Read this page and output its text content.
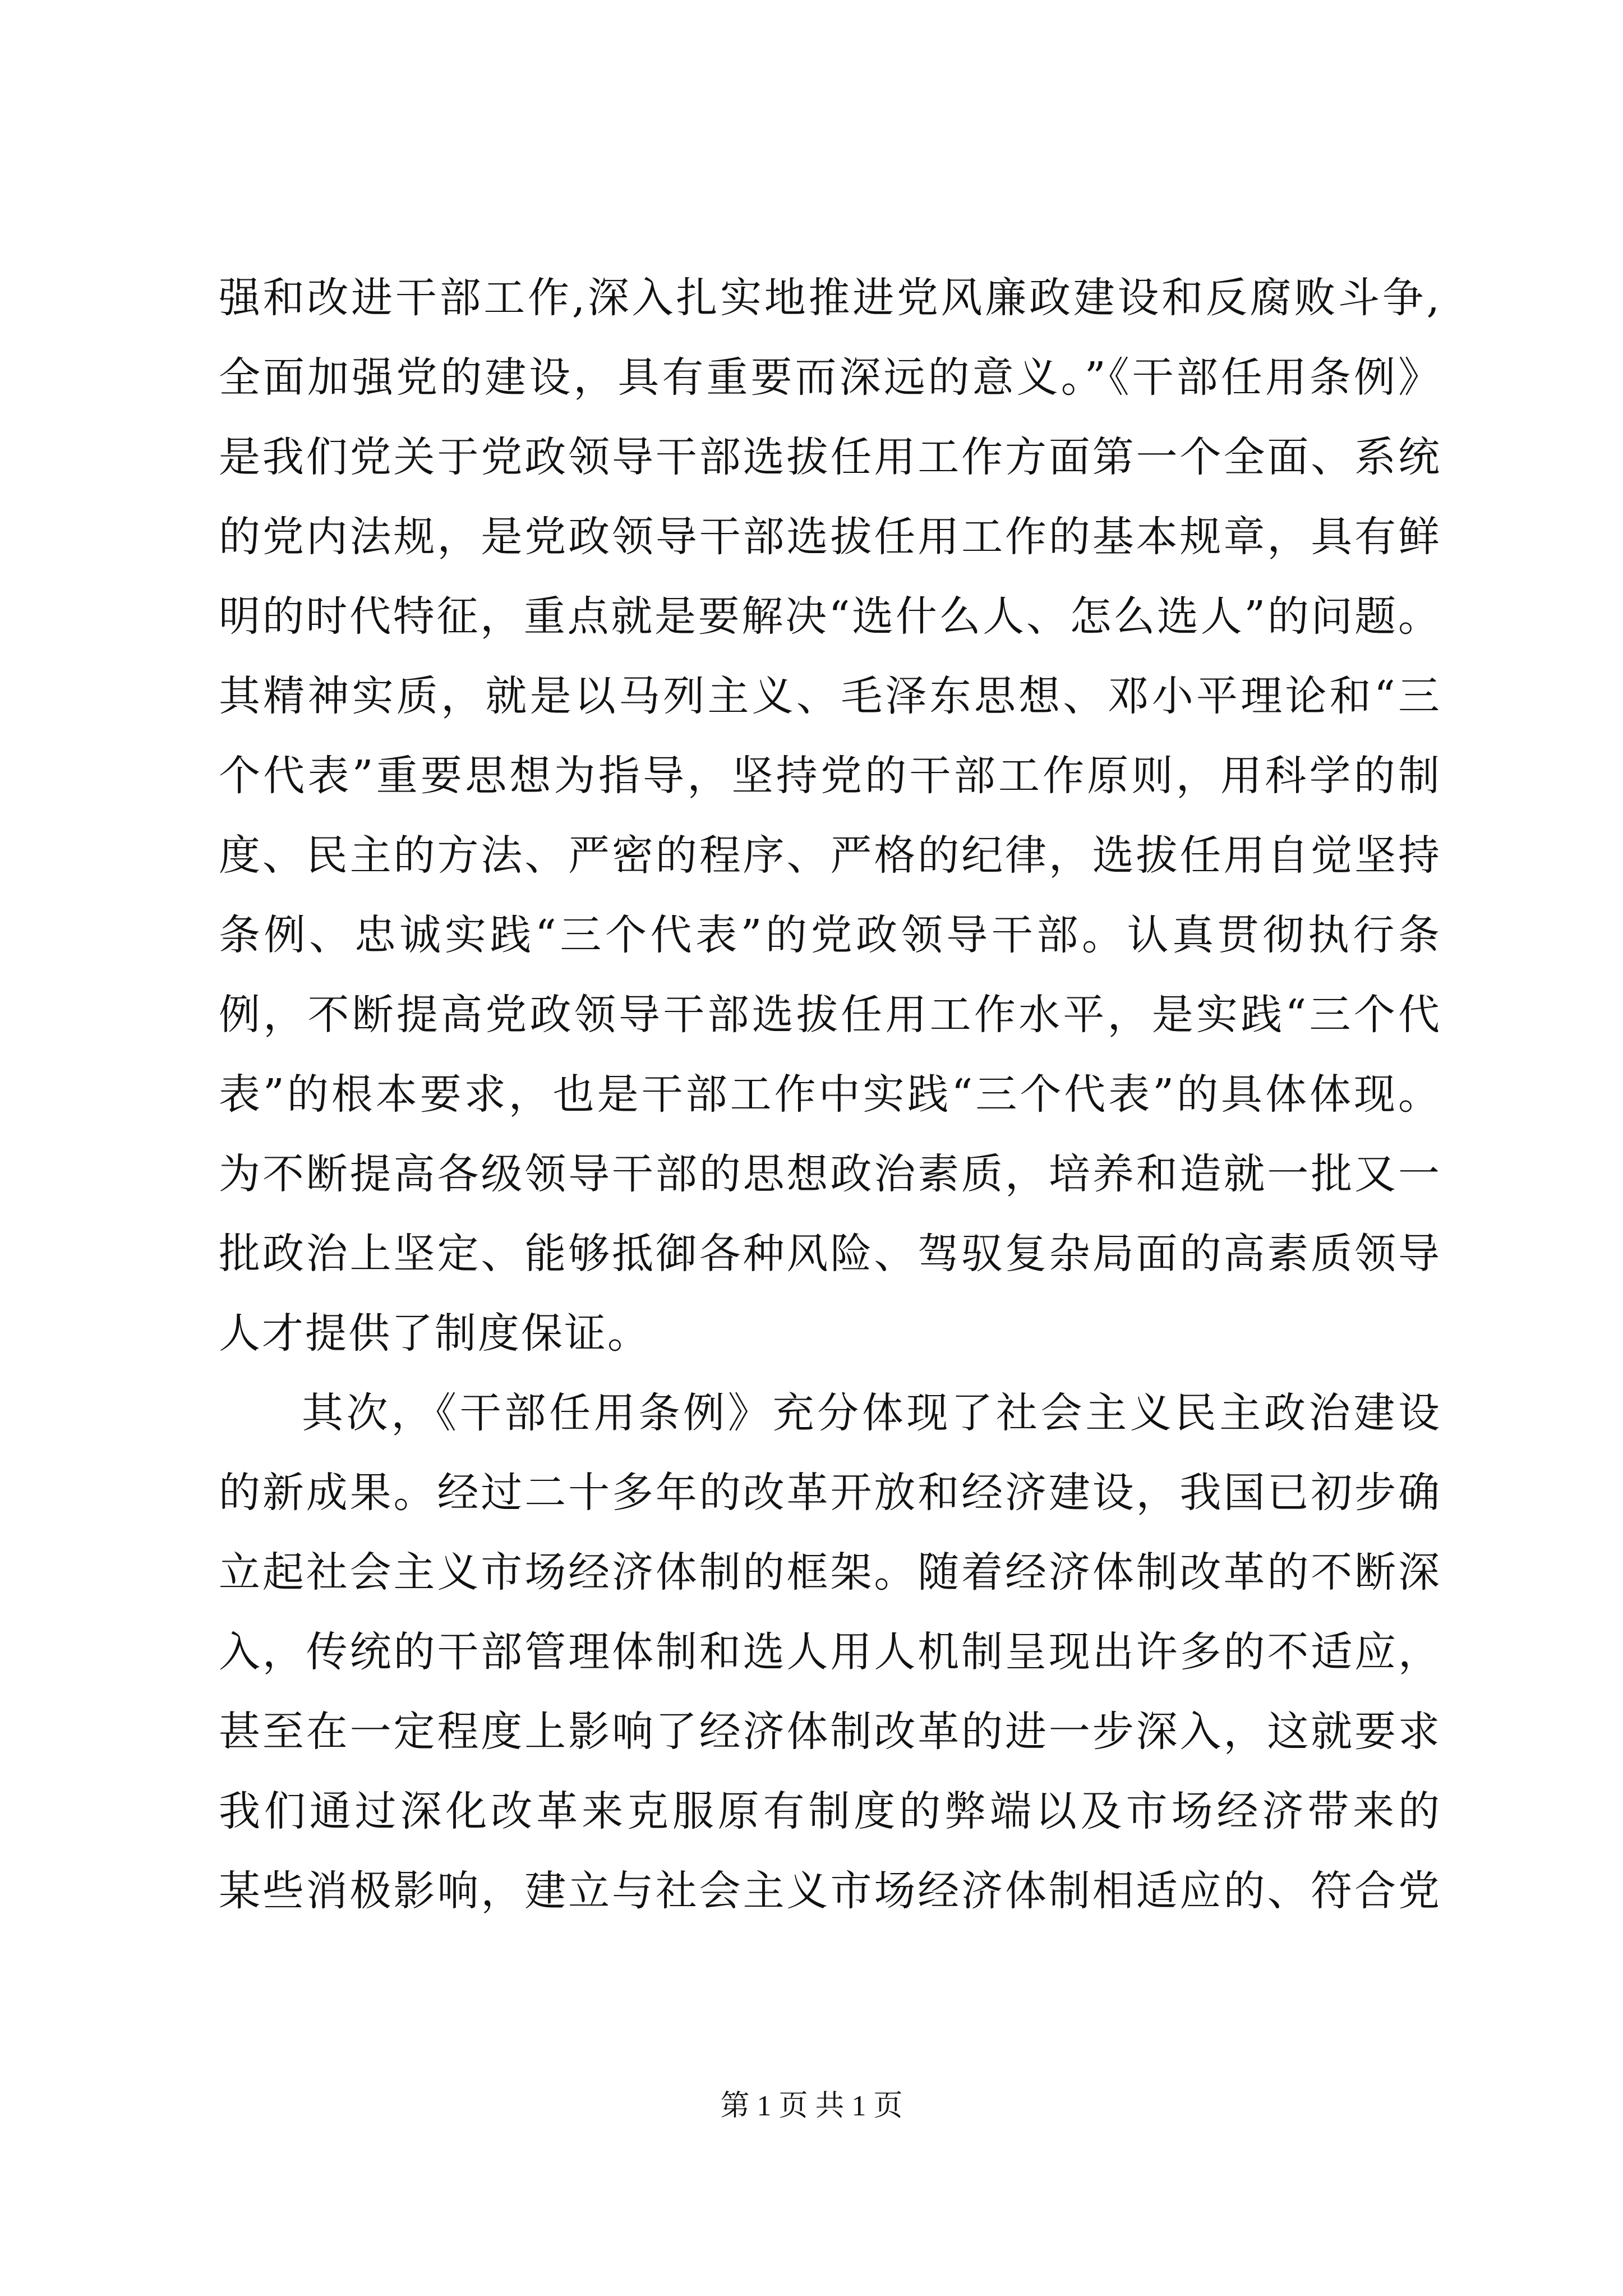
强和改进干部工作,深入扎实地推进党风廉政建设和反腐败斗争,
全面加强党的建设，具有重要而深远的意义。”《干部任用条例》
是我们党关于党政领导干部选拔任用工作方面第一个全面、系统
的党内法规，是党政领导干部选拔任用工作的基本规章，具有鲜
明的时代特征，重点就是要解决“选什么人、怎么选人”的问题。
其精神实质，就是以马列主义、毛泽东思想、邓小平理论和“三
个代表”重要思想为指导，坚持党的干部工作原则，用科学的制
度、民主的方法、严密的程序、严格的纪律，选拔任用自觉坚持
条例、忠诚实践“三个代表”的党政领导干部。认真贯彻执行条
例，不断提高党政领导干部选拔任用工作水平，是实践“三个代
表”的根本要求，也是干部工作中实践“三个代表”的具体体现。
为不断提高各级领导干部的思想政治素质，培养和造就一批又一
批政治上坚定、能够抵御各种风险、驾驭复杂局面的高素质领导
人才提供了制度保证。
其次，《干部任用条例》充分体现了社会主义民主政治建设
的新成果。经过二十多年的改革开放和经济建设，我国已初步确
立起社会主义市场经济体制的框架。随着经济体制改革的不断深
入，传统的干部管理体制和选人用人机制呈现出许多的不适应，
甚至在一定程度上影响了经济体制改革的进一步深入，这就要求
我们通过深化改革来克服原有制度的弊端以及市场经济带来的
某些消极影响，建立与社会主义市场经济体制相适应的、符合党
第 1 页 共 1 页
